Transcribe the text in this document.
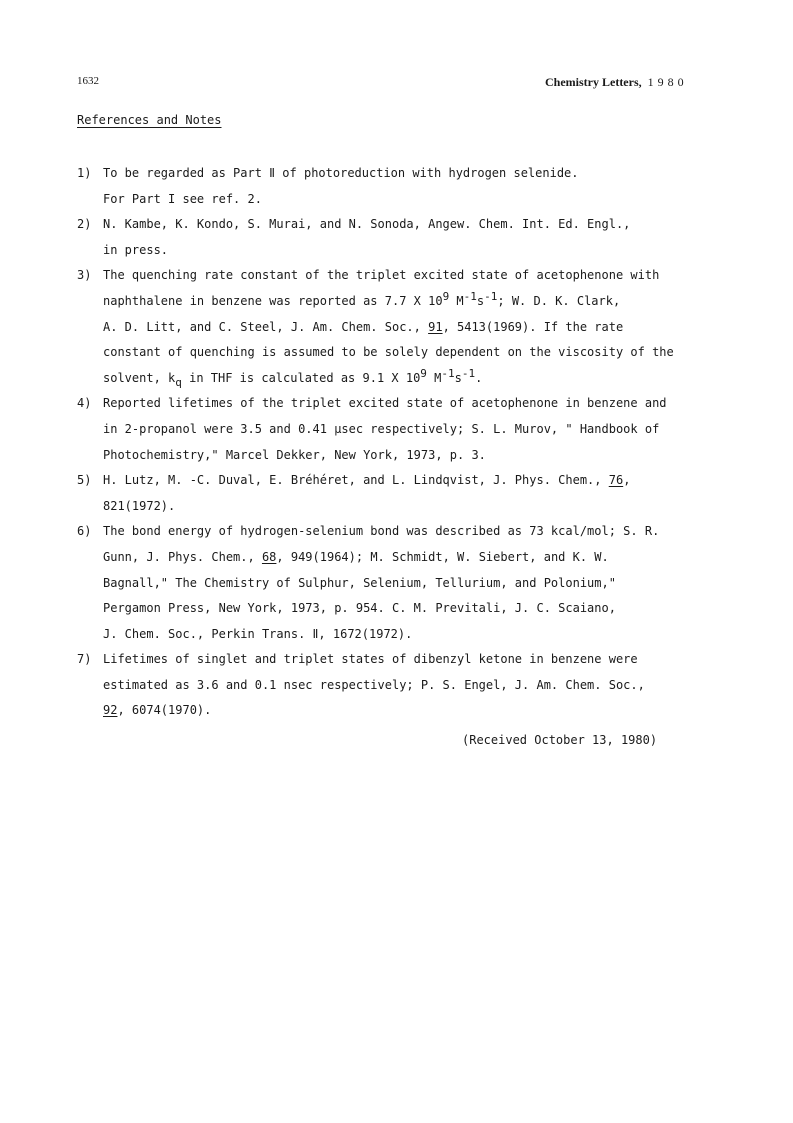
1632	Chemistry Letters, 1980
References and Notes
1) To be regarded as Part Ⅱ of photoreduction with hydrogen selenide.
For Part I see ref. 2.
2) N. Kambe, K. Kondo, S. Murai, and N. Sonoda, Angew. Chem. Int. Ed. Engl.,
in press.
3) The quenching rate constant of the triplet excited state of acetophenone with
naphthalene in benzene was reported as 7.7 X $10^9$ $M^{-1}s^{-1}$; W. D. K. Clark,
A. D. Litt, and C. Steel, J. Am. Chem. Soc., 91, 5413(1969). If the rate
constant of quenching is assumed to be solely dependent on the viscosity of the
solvent, $k_q$ in THF is calculated as 9.1 X $10^9$ $M^{-1}s^{-1}$.
4) Reported lifetimes of the triplet excited state of acetophenone in benzene and
in 2-propanol were 3.5 and 0.41 μsec respectively; S. L. Murov, " Handbook of
Photochemistry," Marcel Dekker, New York, 1973, p. 3.
5) H. Lutz, M. -C. Duval, E. Bréhéret, and L. Lindqvist, J. Phys. Chem., 76,
821(1972).
6) The bond energy of hydrogen-selenium bond was described as 73 kcal/mol; S. R.
Gunn, J. Phys. Chem., 68, 949(1964); M. Schmidt, W. Siebert, and K. W.
Bagnall," The Chemistry of Sulphur, Selenium, Tellurium, and Polonium,"
Pergamon Press, New York, 1973, p. 954. C. M. Previtali, J. C. Scaiano,
J. Chem. Soc., Perkin Trans. Ⅱ, 1672(1972).
7) Lifetimes of singlet and triplet states of dibenzyl ketone in benzene were
estimated as 3.6 and 0.1 nsec respectively; P. S. Engel, J. Am. Chem. Soc.,
92, 6074(1970).
(Received October 13, 1980)
